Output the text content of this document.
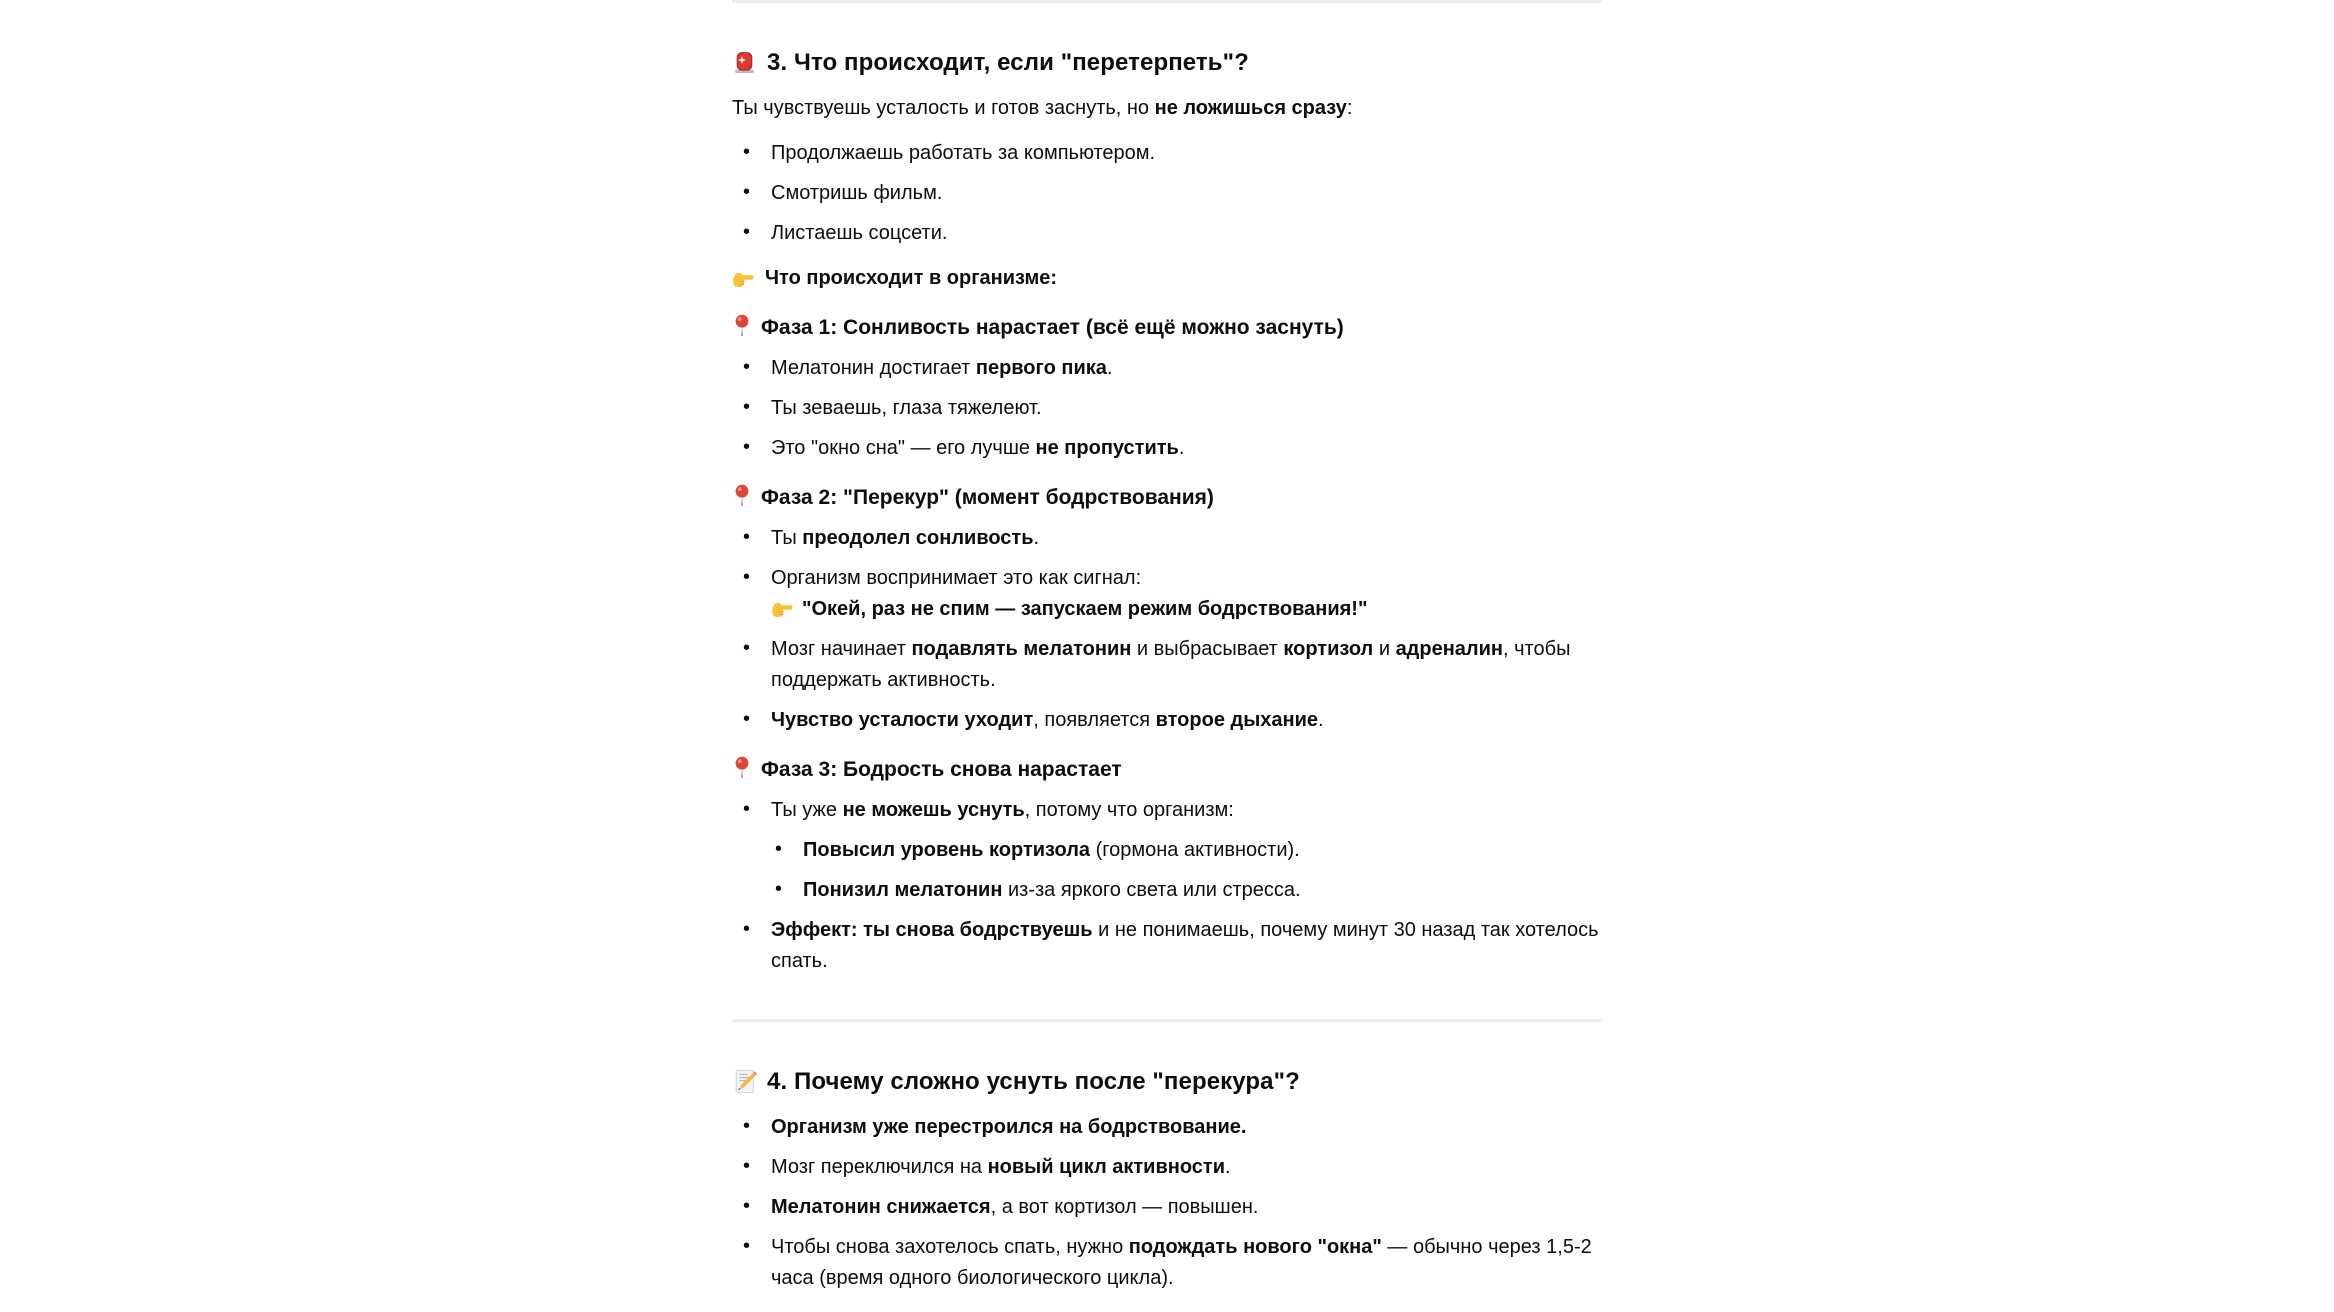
3. Что происходит, если "перетерпеть"?

Ты чувствуешь усталость и готов заснуть, но не ложишься сразу:

• Продолжаешь работать за компьютером.
• Смотришь фильм.
• Листаешь соцсети.

Что происходит в организме:

Фаза 1: Сонливость нарастает (всё ещё можно заснуть)
• Мелатонин достигает первого пика.
• Ты зеваешь, глаза тяжелеют.
• Это "окно сна" — его лучше не пропустить.
Фаза 2: "Перекур" (момент бодрствования)
• Ты преодолел сонливость.
• Организм воспринимает это как сигнал:
"Окей, раз не спим — запускаем режим бодрствования!"
• Мозг начинает подавлять мелатонин и выбрасывает кортизол и адреналин, чтобы поддержать активность.
• Чувство усталости уходит, появляется второе дыхание.
Фаза 3: Бодрость снова нарастает
• Ты уже не можешь уснуть, потому что организм:
• Повысил уровень кортизола (гормона активности).
• Понизил мелатонин из-за яркого света или стресса.
• Эффект: ты снова бодрствуешь и не понимаешь, почему минут 30 назад так хотелось спать.
4. Почему сложно уснуть после "перекура"?
• Организм уже перестроился на бодрствование.
• Мозг переключился на новый цикл активности.
• Мелатонин снижается, а вот кортизол — повышен.
• Чтобы снова захотелось спать, нужно подождать нового "окна" — обычно через 1,5-2 часа (время одного биологического цикла).
